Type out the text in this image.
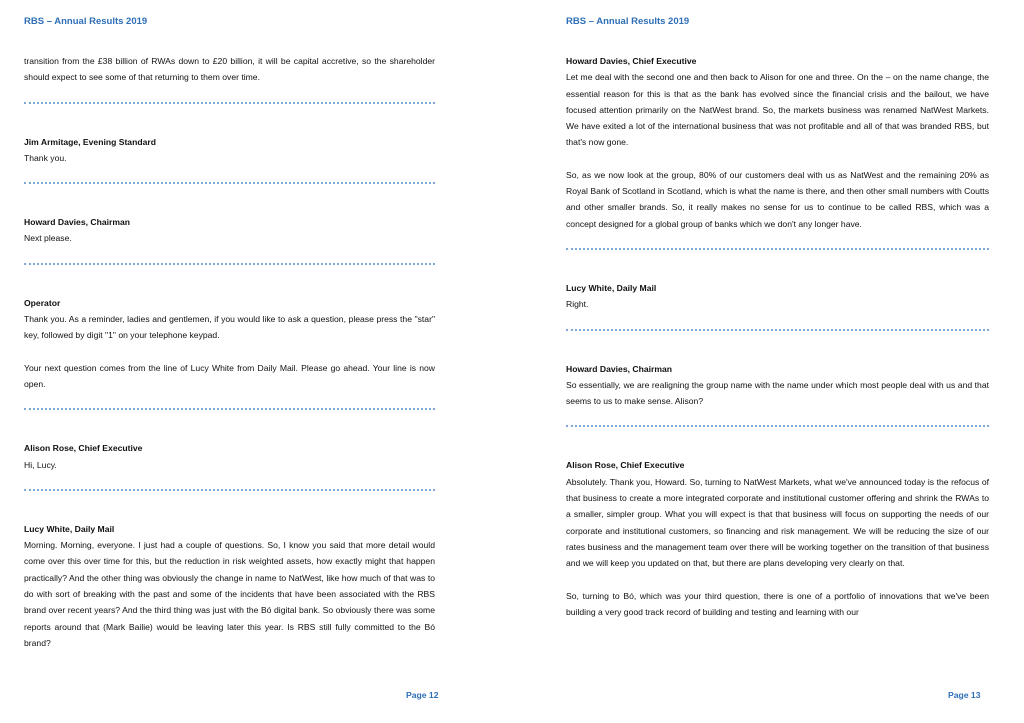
RBS – Annual Results 2019

transition from the £38 billion of RWAs down to £20 billion, it will be capital accretive, so the shareholder should expect to see some of that returning to them over time.

Jim Armitage, Evening Standard

Thank you.

Howard Davies, Chairman

Next please.

Operator

Thank you. As a reminder, ladies and gentlemen, if you would like to ask a question, please press the "star" key, followed by digit "1" on your telephone keypad.

Your next question comes from the line of Lucy White from Daily Mail. Please go ahead. Your line is now open.

Alison Rose, Chief Executive

Hi, Lucy.

Lucy White, Daily Mail

Morning. Morning, everyone. I just had a couple of questions. So, I know you said that more detail would come over this over time for this, but the reduction in risk weighted assets, how exactly might that happen practically? And the other thing was obviously the change in name to NatWest, like how much of that was to do with sort of breaking with the past and some of the incidents that have been associated with the RBS brand over recent years? And the third thing was just with the Bó digital bank. So obviously there was some reports around that (Mark Bailie) would be leaving later this year. Is RBS still fully committed to the Bó brand?

Page 12
RBS – Annual Results 2019

Howard Davies, Chief Executive

Let me deal with the second one and then back to Alison for one and three. On the – on the name change, the essential reason for this is that as the bank has evolved since the financial crisis and the bailout, we have focused attention primarily on the NatWest brand. So, the markets business was renamed NatWest Markets. We have exited a lot of the international business that was not profitable and all of that was branded RBS, but that's now gone.

So, as we now look at the group, 80% of our customers deal with us as NatWest and the remaining 20% as Royal Bank of Scotland in Scotland, which is what the name is there, and then other small numbers with Coutts and other smaller brands. So, it really makes no sense for us to continue to be called RBS, which was a concept designed for a global group of banks which we don't any longer have.

Lucy White, Daily Mail

Right.

Howard Davies, Chairman

So essentially, we are realigning the group name with the name under which most people deal with us and that seems to us to make sense. Alison?

Alison Rose, Chief Executive

Absolutely. Thank you, Howard. So, turning to NatWest Markets, what we've announced today is the refocus of that business to create a more integrated corporate and institutional customer offering and shrink the RWAs to a smaller, simpler group. What you will expect is that that business will focus on supporting the needs of our corporate and institutional customers, so financing and risk management. We will be reducing the size of our rates business and the management team over there will be working together on the transition of that business and we will keep you updated on that, but there are plans developing very clearly on that.

So, turning to Bó, which was your third question, there is one of a portfolio of innovations that we've been building a very good track record of building and testing and learning with our

Page 13
